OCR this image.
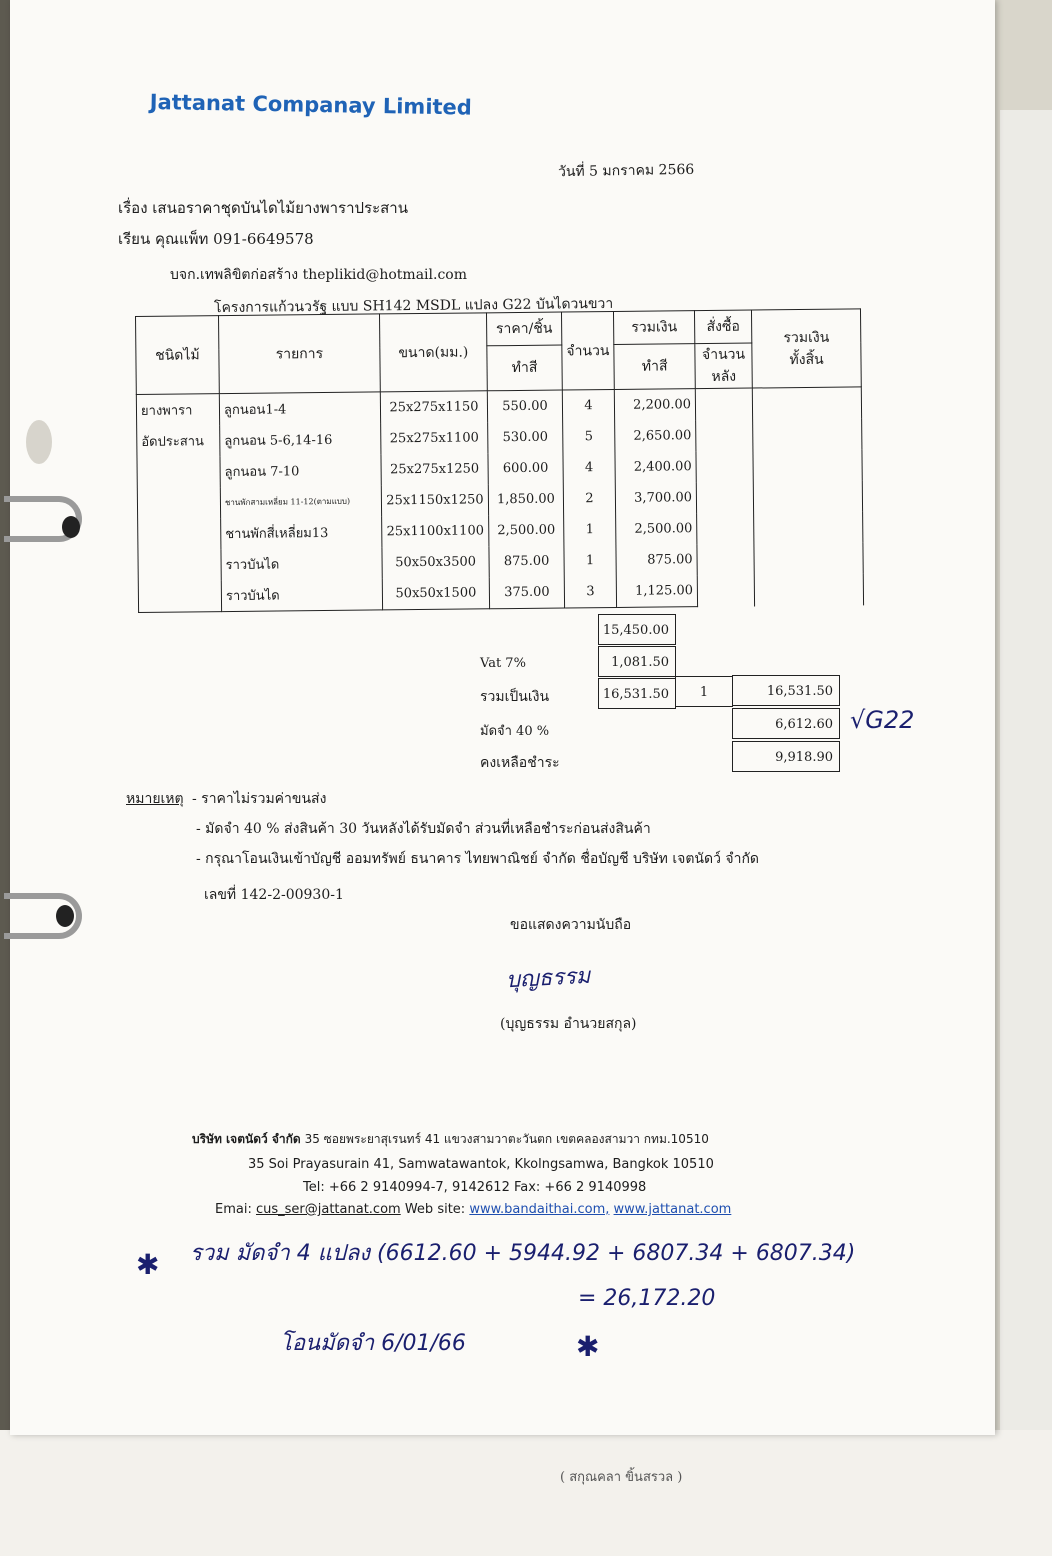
Jattanat Companay Limited
วันที่ 5 มกราคม 2566
เรื่อง เสนอราคาชุดบันไดไม้ยางพาราประสาน
เรียน คุณแพ็ท 091-6649578
บจก.เทพลิขิตก่อสร้าง theplikid@hotmail.com
โครงการแก้วนวรัฐ แบบ SH142 MSDL แปลง G22 บันไดวนขวา
ชนิดไม้	รายการ	ขนาด(มม.)	ราคา/ชิ้น	จำนวน	รวมเงิน	สั่งซื้อ	รวมเงิน
ทั้งสิ้น

			ทำสี		ทำสี	จำนวนหลัง	
ยางพารา	ลูกนอน1-4	25x275x1150	550.00	4	2,200.00		
อัดประสาน	ลูกนอน 5-6,14-16	25x275x1100	530.00	5	2,650.00		
	ลูกนอน 7-10	25x275x1250	600.00	4	2,400.00		
	ชานพักสามเหลี่ยม 11-12(ตามแบบ)	25x1150x1250	1,850.00	2	3,700.00		
	ชานพักสี่เหลี่ยม13	25x1100x1100	2,500.00	1	2,500.00		
	ราวบันได	50x50x3500	875.00	1	875.00		
	ราวบันได	50x50x1500	375.00	3	1,125.00		
15,450.00
Vat 7%	1,081.50
รวมเป็นเงิน	16,531.50	1	16,531.50
มัดจำ 40 %	6,612.60
คงเหลือชำระ	9,918.90
√G22
หมายเหตุ - ราคาไม่รวมค่าขนส่ง
- มัดจำ 40 % ส่งสินค้า 30 วันหลังได้รับมัดจำ ส่วนที่เหลือชำระก่อนส่งสินค้า
- กรุณาโอนเงินเข้าบัญชี ออมทรัพย์ ธนาคาร ไทยพาณิชย์ จำกัด ชื่อบัญชี บริษัท เจตนัดว์ จำกัด
เลขที่ 142-2-00930-1
ขอแสดงความนับถือ
บุญธรรม
(บุญธรรม อำนวยสกุล)
บริษัท เจตนัดว์ จำกัด 35 ซอยพระยาสุเรนทร์ 41 แขวงสามวาตะวันตก เขตคลองสามวา กทม.10510
35 Soi Prayasurain 41, Samwatawantok, Kkolngsamwa, Bangkok 10510
Tel: +66 2 9140994-7, 9142612 Fax: +66 2 9140998
Emai: cus_ser@jattanat.com Web site: www.bandaithai.com, www.jattanat.com
✱ รวม มัดจำ 4 แปลง (6612.60 + 5944.92 + 6807.34 + 6807.34)
= 26,172.20
โอนมัดจำ 6/01/66	✱
( สกุณคลา ขิ้นสรวล )
